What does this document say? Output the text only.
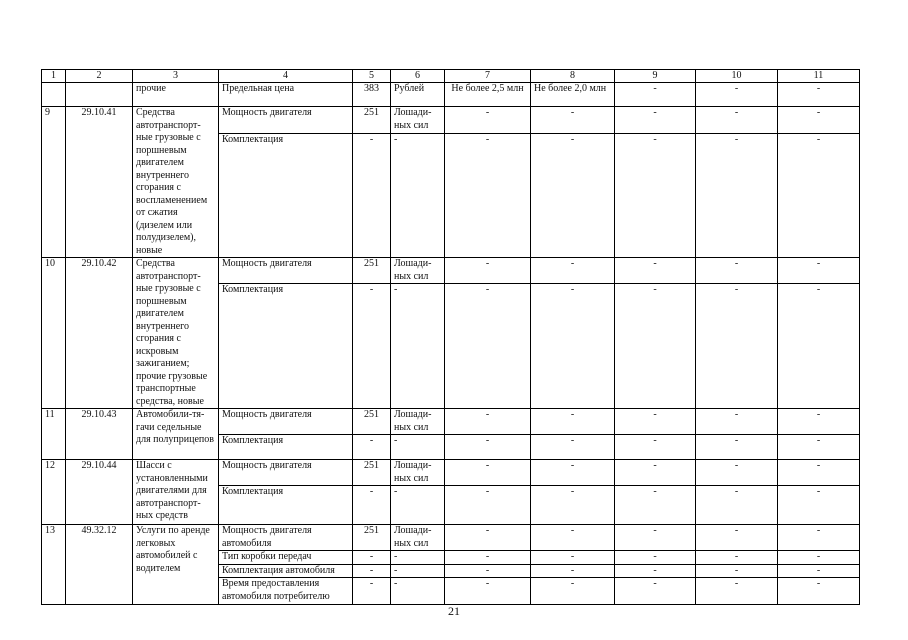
1	2	3	4	5	6	7	8	9	10	11
		прочие	Предельная цена	383	Рублей	Не более 2,5 млн	Не более 2,0 млн	-	-	-
9	29.10.41	Средства автотранспорт-ные грузовые с поршневым двигателем внутреннего сгорания с воспламенением от сжатия (дизелем или полудизелем), новые	Мощность двигателя	251	Лошади-ных сил	-	-	-	-	-
			Комплектация	-	-	-	-	-	-	-
10	29.10.42	Средства автотранспорт-ные грузовые с поршневым двигателем внутреннего сгорания с искровым зажиганием; прочие грузовые транспортные средства, новые	Мощность двигателя	251	Лошади-ных сил	-	-	-	-	-
			Комплектация	-	-	-	-	-	-	-
11	29.10.43	Автомобили-тя-гачи седельные для полуприцепов	Мощность двигателя	251	Лошади-ных сил	-	-	-	-	-
			Комплектация	-	-	-	-	-	-	-
12	29.10.44	Шасси с установленными двигателями для автотранспорт-ных средств	Мощность двигателя	251	Лошади-ных сил	-	-	-	-	-
			Комплектация	-	-	-	-	-	-	-
13	49.32.12	Услуги по аренде легковых автомобилей с водителем	Мощность двигателя автомобиля	251	Лошади-ных сил	-	-	-	-	-
			Тип коробки передач	-	-	-	-	-	-	-
			Комплектация автомобиля	-	-	-	-	-	-	-
			Время предоставления автомобиля потребителю	-	-	-	-	-	-	-
21
